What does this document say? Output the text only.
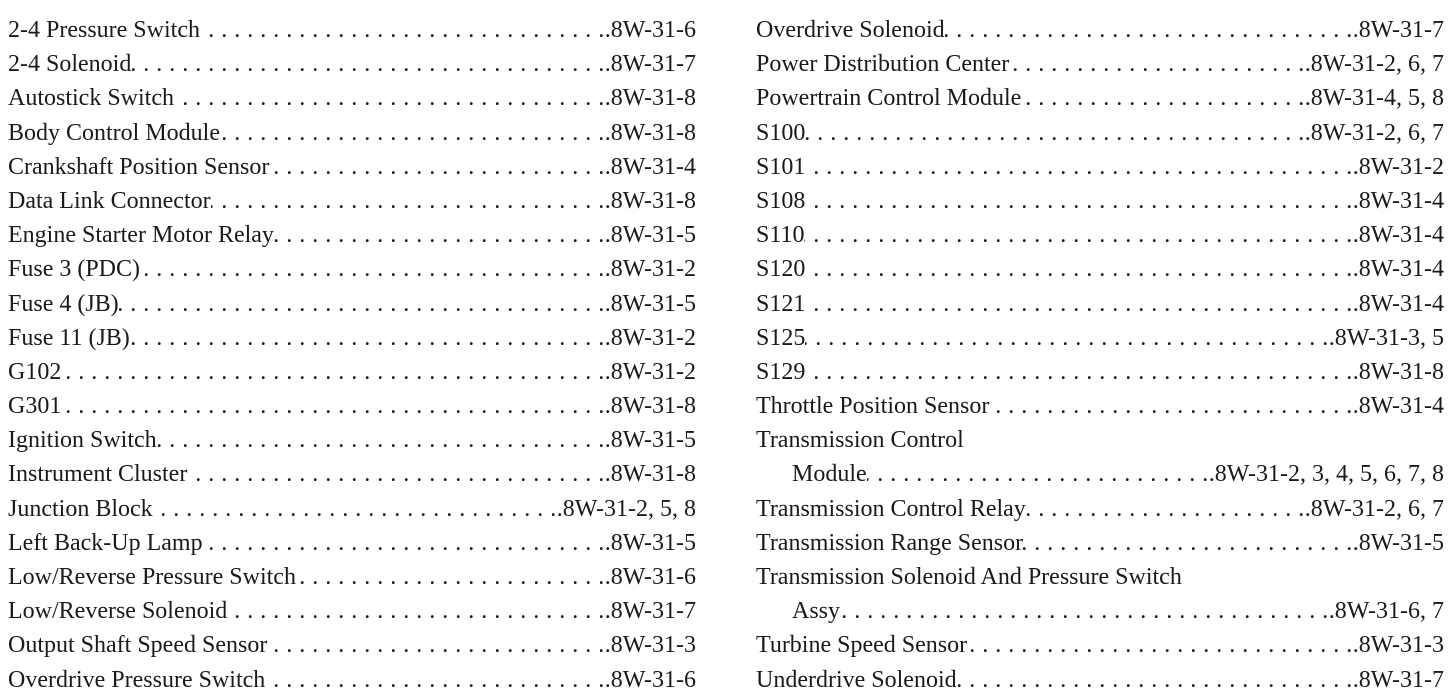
2-4 Pressure Switch . . .	.8W-31-6
2-4 Solenoid . . .	.8W-31-7
Autostick Switch . . .	.8W-31-8
Body Control Module . . .	.8W-31-8
Crankshaft Position Sensor . . .	.8W-31-4
Data Link Connector . . .	.8W-31-8
Engine Starter Motor Relay . . .	.8W-31-5
Fuse 3 (PDC) . . .	.8W-31-2
Fuse 4 (JB) . . .	.8W-31-5
Fuse 11 (JB) . . .	.8W-31-2
G102 . . .	.8W-31-2
G301 . . .	.8W-31-8
Ignition Switch . . .	.8W-31-5
Instrument Cluster . . .	.8W-31-8
Junction Block . . .	.8W-31-2, 5, 8
Left Back-Up Lamp . . .	.8W-31-5
Low/Reverse Pressure Switch . . .	.8W-31-6
Low/Reverse Solenoid . . .	.8W-31-7
Output Shaft Speed Sensor . . .	.8W-31-3
Overdrive Pressure Switch . . .	.8W-31-6
Overdrive Solenoid . . .	.8W-31-7
Power Distribution Center . . .	.8W-31-2, 6, 7
Powertrain Control Module . . .	.8W-31-4, 5, 8
S100 . . .	.8W-31-2, 6, 7
S101 . . .	.8W-31-2
S108 . . .	.8W-31-4
S110 . . .	.8W-31-4
S120 . . .	.8W-31-4
S121 . . .	.8W-31-4
S125 . . .	.8W-31-3, 5
S129 . . .	.8W-31-8
Throttle Position Sensor . . .	.8W-31-4
Transmission Control
Module . . .	.8W-31-2, 3, 4, 5, 6, 7, 8
Transmission Control Relay . . .	.8W-31-2, 6, 7
Transmission Range Sensor . . .	.8W-31-5
Transmission Solenoid And Pressure Switch
Assy . . .	.8W-31-6, 7
Turbine Speed Sensor . . .	.8W-31-3
Underdrive Solenoid . . .	.8W-31-7
